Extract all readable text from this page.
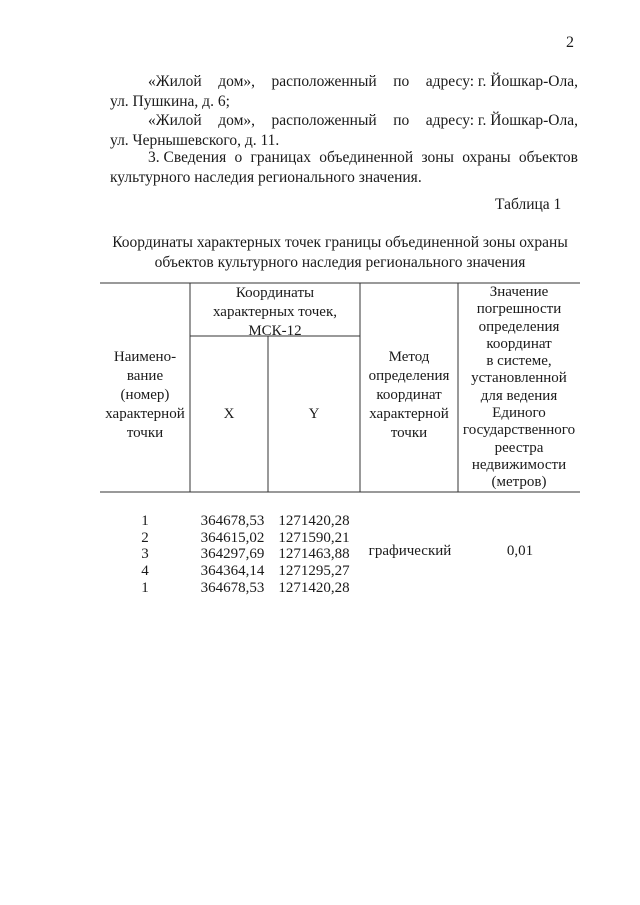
2
«Жилой дом», расположенный по адресу: г. Йошкар-Ола,
ул. Пушкина, д. 6;
«Жилой дом», расположенный по адресу: г. Йошкар-Ола,
ул. Чернышевского, д. 11.
3. Сведения о границах объединенной зоны охраны объектов
культурного наследия регионального значения.
Таблица 1
Координаты характерных точек границы объединенной зоны охраны
объектов культурного наследия регионального значения
Наимено-
вание
(номер)
характерной
точки
Координаты
характерных точек,
МСК-12
X	Y
Метод
определения
координат
характерной
точки
Значение
погрешности
определения
координат
в системе,
установленной
для ведения
Единого
государственного
реестра
недвижимости
(метров)
1	364678,53 1271420,28
2	364615,02 1271590,21
3	364297,69 1271463,88
4	364364,14 1271295,27
1	364678,53 1271420,28
графический	0,01
